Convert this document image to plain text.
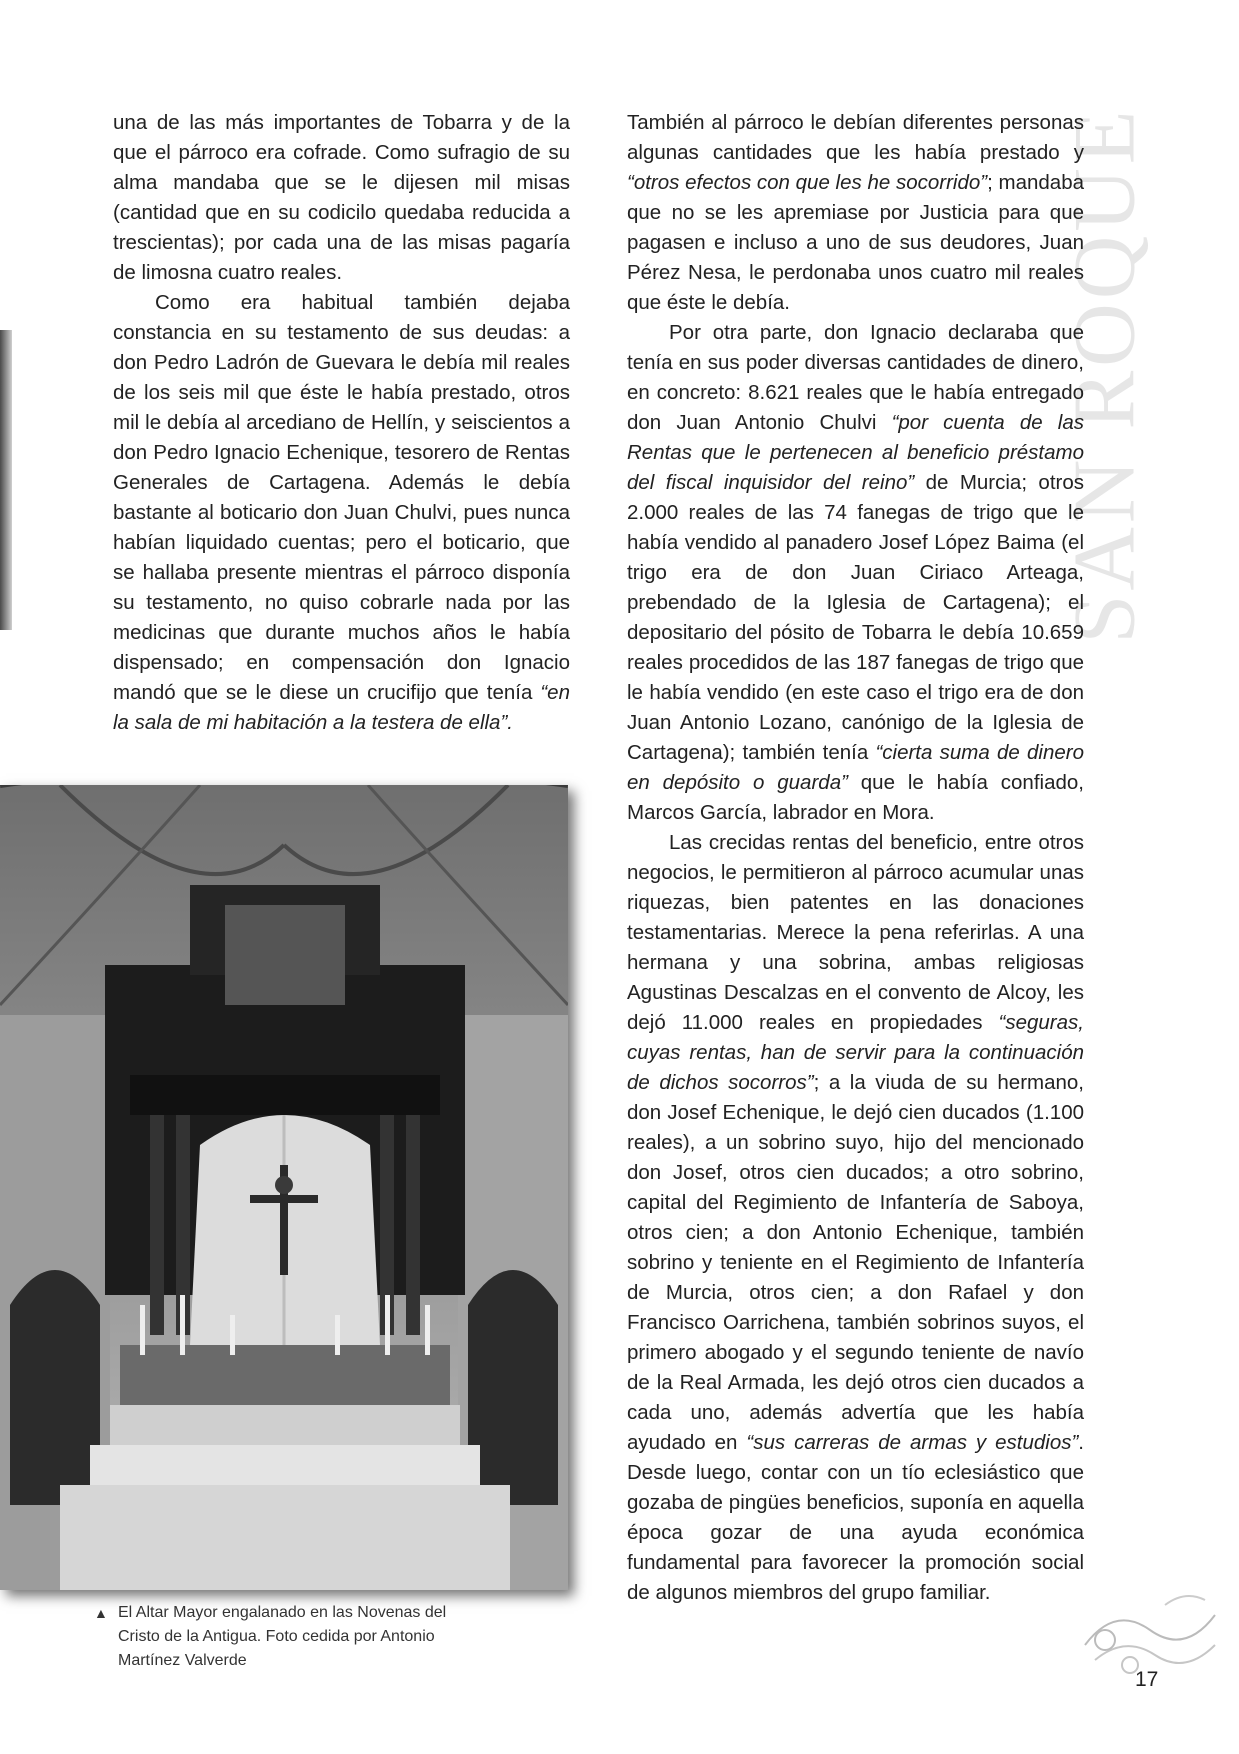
SAN ROQUE

una de las más importantes de Tobarra y de la que el párroco era cofrade. Como sufragio de su alma mandaba que se le dijesen mil misas (cantidad que en su codicilo quedaba reducida a trescientas); por cada una de las misas pagaría de limosna cuatro reales.

Como era habitual también dejaba constancia en su testamento de sus deudas: a don Pedro Ladrón de Guevara le debía mil reales de los seis mil que éste le había prestado, otros mil le debía al arcediano de Hellín, y seiscientos a don Pedro Ignacio Echenique, tesorero de Rentas Generales de Cartagena. Además le debía bastante al boticario don Juan Chulvi, pues nunca habían liquidado cuentas; pero el boticario, que se hallaba presente mientras el párroco disponía su testamento, no quiso cobrarle nada por las medicinas que durante muchos años le había dispensado; en compensación don Ignacio mandó que se le diese un crucifijo que tenía “en la sala de mi habitación a la testera de ella”.

También al párroco le debían diferentes personas algunas cantidades que les había prestado y “otros efectos con que les he socorrido”; mandaba que no se les apremiase por Justicia para que pagasen e incluso a uno de sus deudores, Juan Pérez Nesa, le perdonaba unos cuatro mil reales que éste le debía.

Por otra parte, don Ignacio declaraba que tenía en sus poder diversas cantidades de dinero, en concreto: 8.621 reales que le había entregado don Juan Antonio Chulvi “por cuenta de las Rentas que le pertenecen al beneficio préstamo del fiscal inquisidor del reino” de Murcia; otros 2.000 reales de las 74 fanegas de trigo que le había vendido al panadero Josef López Baima (el trigo era de don Juan Ciriaco Arteaga, prebendado de la Iglesia de Cartagena); el depositario del pósito de Tobarra le debía 10.659 reales procedidos de las 187 fanegas de trigo que le había vendido (en este caso el trigo era de don Juan Antonio Lozano, canónigo de la Iglesia de Cartagena); también tenía “cierta suma de dinero en depósito o guarda” que le había confiado, Marcos García, labrador en Mora.

Las crecidas rentas del beneficio, entre otros negocios, le permitieron al párroco acumular unas riquezas, bien patentes en las donaciones testamentarias. Merece la pena referirlas. A una hermana y una sobrina, ambas religiosas Agustinas Descalzas en el convento de Alcoy, les dejó 11.000 reales en propiedades “seguras, cuyas rentas, han de servir para la continuación de dichos socorros”; a la viuda de su hermano, don Josef Echenique, le dejó cien ducados (1.100 reales), a un sobrino suyo, hijo del mencionado don Josef, otros cien ducados; a otro sobrino, capital del Regimiento de Infantería de Saboya, otros cien; a don Antonio Echenique, también sobrino y teniente en el Regimiento de Infantería de Murcia, otros cien; a don Rafael y don Francisco Oarrichena, también sobrinos suyos, el primero abogado y el segundo teniente de navío de la Real Armada, les dejó otros cien ducados a cada uno, además advertía que les había ayudado en “sus carreras de armas y estudios”. Desde luego, contar con un tío eclesiástico que gozaba de pingües beneficios, suponía en aquella época gozar de una ayuda económica fundamental para favorecer la promoción social de algunos miembros del grupo familiar.

▲ El Altar Mayor engalanado en las Novenas del Cristo de la Antigua. Foto cedida por Antonio Martínez Valverde
17
